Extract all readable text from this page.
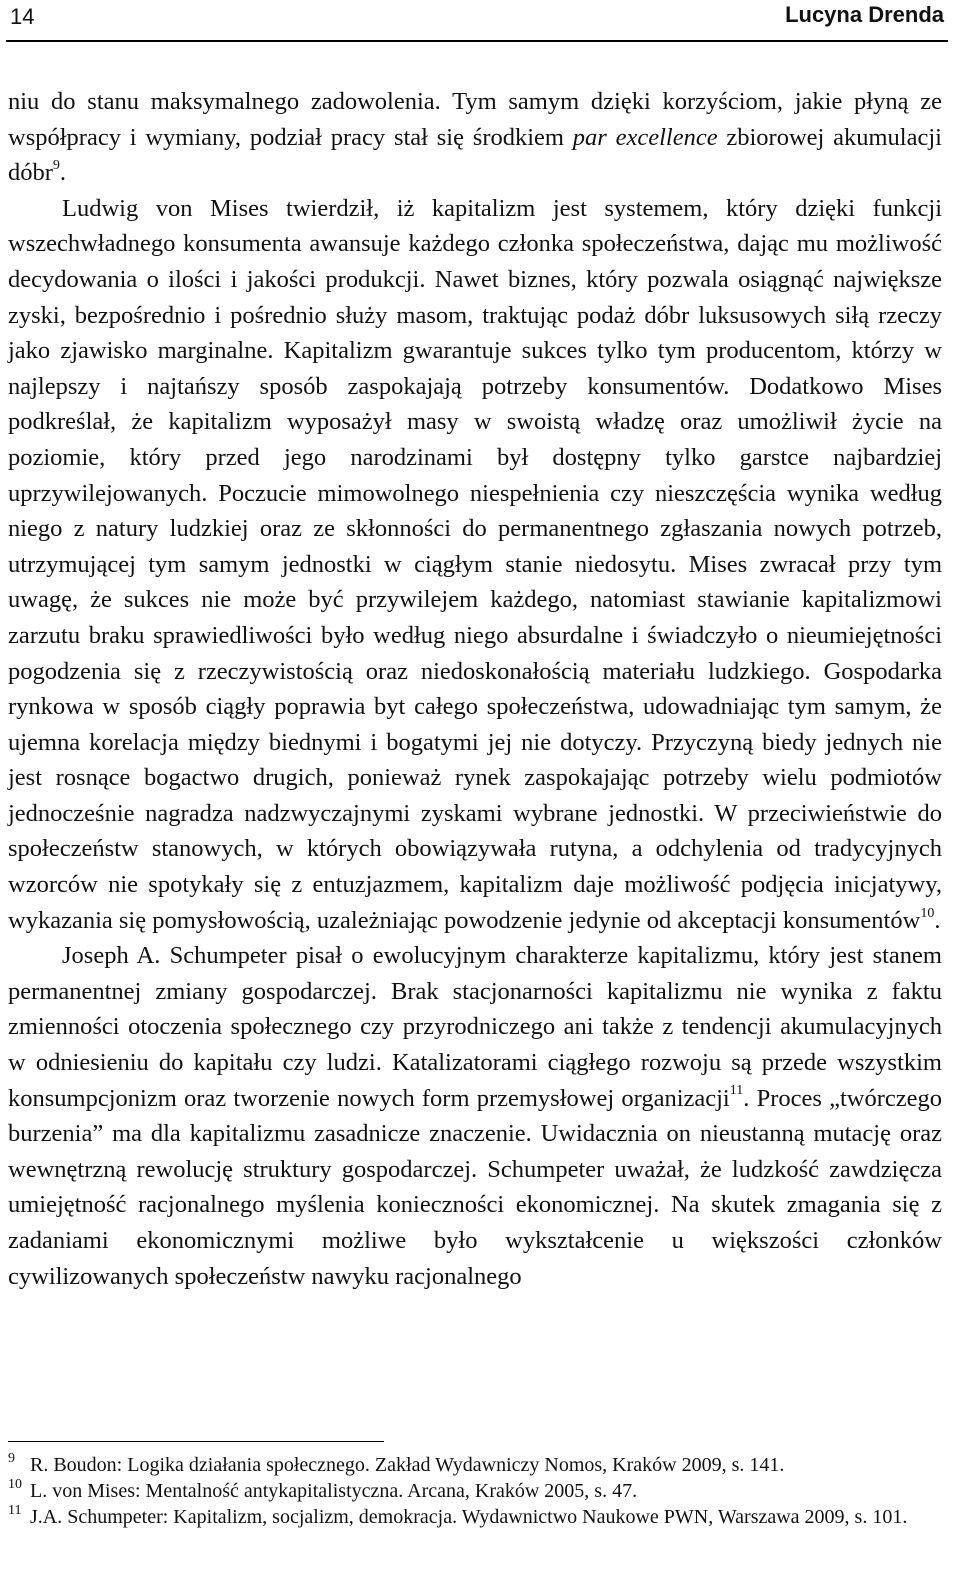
14	Lucyna Drenda

niu do stanu maksymalnego zadowolenia. Tym samym dzięki korzyściom, jakie płyną ze współpracy i wymiany, podział pracy stał się środkiem par excellence zbiorowej akumulacji dóbr$^9$.

Ludwig von Mises twierdził, iż kapitalizm jest systemem, który dzięki funkcji wszechwładnego konsumenta awansuje każdego członka społeczeństwa, dając mu możliwość decydowania o ilości i jakości produkcji. Nawet biznes, który pozwala osiągnąć największe zyski, bezpośrednio i pośrednio służy masom, traktując podaż dóbr luksusowych siłą rzeczy jako zjawisko marginalne. Kapitalizm gwarantuje sukces tylko tym producentom, którzy w najlepszy i najtańszy sposób zaspokajają potrzeby konsumentów. Dodatkowo Mises podkreślał, że kapitalizm wyposażył masy w swoistą władzę oraz umożliwił życie na poziomie, który przed jego narodzinami był dostępny tylko garstce najbardziej uprzywilejowanych. Poczucie mimowolnego niespełnienia czy nieszczęścia wynika według niego z natury ludzkiej oraz ze skłonności do permanentnego zgłaszania nowych potrzeb, utrzymującej tym samym jednostki w ciągłym stanie niedosytu. Mises zwracał przy tym uwagę, że sukces nie może być przywilejem każdego, natomiast stawianie kapitalizmowi zarzutu braku sprawiedliwości było według niego absurdalne i świadczyło o nieumiejętności pogodzenia się z rzeczywistością oraz niedoskonałością materiału ludzkiego. Gospodarka rynkowa w sposób ciągły poprawia byt całego społeczeństwa, udowadniając tym samym, że ujemna korelacja między biednymi i bogatymi jej nie dotyczy. Przyczyną biedy jednych nie jest rosnące bogactwo drugich, ponieważ rynek zaspokajając potrzeby wielu podmiotów jednocześnie nagradza nadzwyczajnymi zyskami wybrane jednostki. W przeciwieństwie do społeczeństw stanowych, w których obowiązywała rutyna, a odchylenia od tradycyjnych wzorców nie spotykały się z entuzjazmem, kapitalizm daje możliwość podjęcia inicjatywy, wykazania się pomysłowością, uzależniając powodzenie jedynie od akceptacji konsumentów$^{10}$.

Joseph A. Schumpeter pisał o ewolucyjnym charakterze kapitalizmu, który jest stanem permanentnej zmiany gospodarczej. Brak stacjonarności kapitalizmu nie wynika z faktu zmienności otoczenia społecznego czy przyrodniczego ani także z tendencji akumulacyjnych w odniesieniu do kapitału czy ludzi. Katalizatorami ciągłego rozwoju są przede wszystkim konsumpcjonizm oraz tworzenie nowych form przemysłowej organizacji$^{11}$. Proces „twórczego burzenia” ma dla kapitalizmu zasadnicze znaczenie. Uwidacznia on nieustanną mutację oraz wewnętrzną rewolucję struktury gospodarczej. Schumpeter uważał, że ludzkość zawdzięcza umiejętność racjonalnego myślenia konieczności ekonomicznej. Na skutek zmagania się z zadaniami ekonomicznymi możliwe było wykształcenie u większości członków cywilizowanych społeczeństw nawyku racjonalnego

9 R. Boudon: Logika działania społecznego. Zakład Wydawniczy Nomos, Kraków 2009, s. 141.
10 L. von Mises: Mentalność antykapitalistyczna. Arcana, Kraków 2005, s. 47.
11 J.A. Schumpeter: Kapitalizm, socjalizm, demokracja. Wydawnictwo Naukowe PWN, Warszawa 2009, s. 101.
